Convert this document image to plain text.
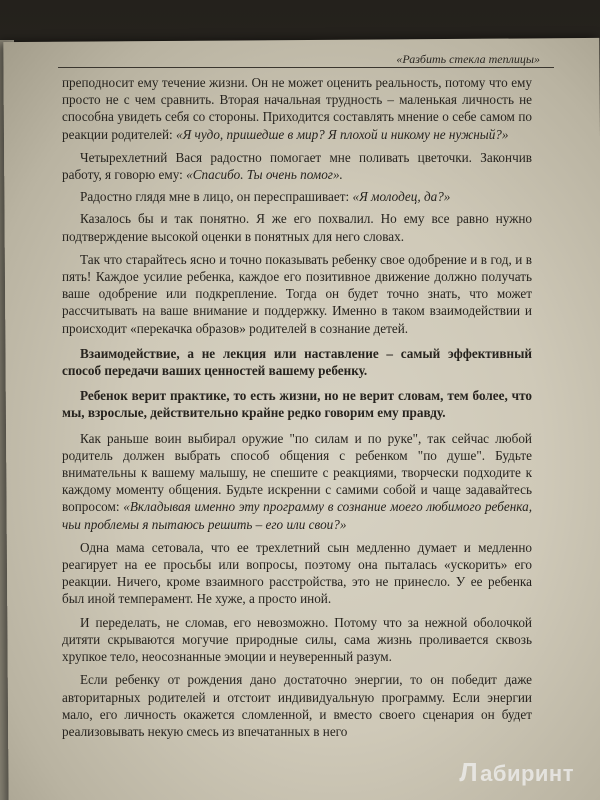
«Разбить стекла теплицы»

преподносит ему течение жизни. Он не может оценить реальность, потому что ему просто не с чем сравнить. Вторая начальная трудность – маленькая личность не способна увидеть себя со стороны. Приходится составлять мнение о себе самом по реакции родителей: «Я чудо, пришедше в мир? Я плохой и никому не нужный?»

Четырехлетний Вася радостно помогает мне поливать цветочки. Закончив работу, я говорю ему: «Спасибо. Ты очень помог».

Радостно глядя мне в лицо, он переспрашивает: «Я молодец, да?»

Казалось бы и так понятно. Я же его похвалил. Но ему все равно нужно подтверждение высокой оценки в понятных для него словах.

Так что старайтесь ясно и точно показывать ребенку свое одобрение и в год, и в пять! Каждое усилие ребенка, каждое его позитивное движение должно получать ваше одобрение или подкрепление. Тогда он будет точно знать, что может рассчитывать на ваше внимание и поддержку. Именно в таком взаимодействии и происходит «перекачка образов» родителей в сознание детей.

Взаимодействие, а не лекция или наставление – самый эффективный способ передачи ваших ценностей вашему ребенку.

Ребенок верит практике, то есть жизни, но не верит словам, тем более, что мы, взрослые, действительно крайне редко говорим ему правду.

Как раньше воин выбирал оружие "по силам и по руке", так сейчас любой родитель должен выбрать способ общения с ребенком "по душе". Будьте внимательны к вашему малышу, не спешите с реакциями, творчески подходите к каждому моменту общения. Будьте искренни с самими собой и чаще задавайтесь вопросом: «Вкладывая именно эту программу в сознание моего любимого ребенка, чьи проблемы я пытаюсь решить – его или свои?»

Одна мама сетовала, что ее трехлетний сын медленно думает и медленно реагирует на ее просьбы или вопросы, поэтому она пыталась «ускорить» его реакции. Ничего, кроме взаимного расстройства, это не принесло. У ее ребенка был иной темперамент. Не хуже, а просто иной.

И переделать, не сломав, его невозможно. Потому что за нежной оболочкой дитяти скрываются могучие природные силы, сама жизнь проливается сквозь хрупкое тело, неосознанные эмоции и неуверенный разум.

Если ребенку от рождения дано достаточно энергии, то он победит даже авторитарных родителей и отстоит индивидуальную программу. Если энергии мало, его личность окажется сломленной, и вместо своего сценария он будет реализовывать некую смесь из впечатанных в него

Лабиринт
